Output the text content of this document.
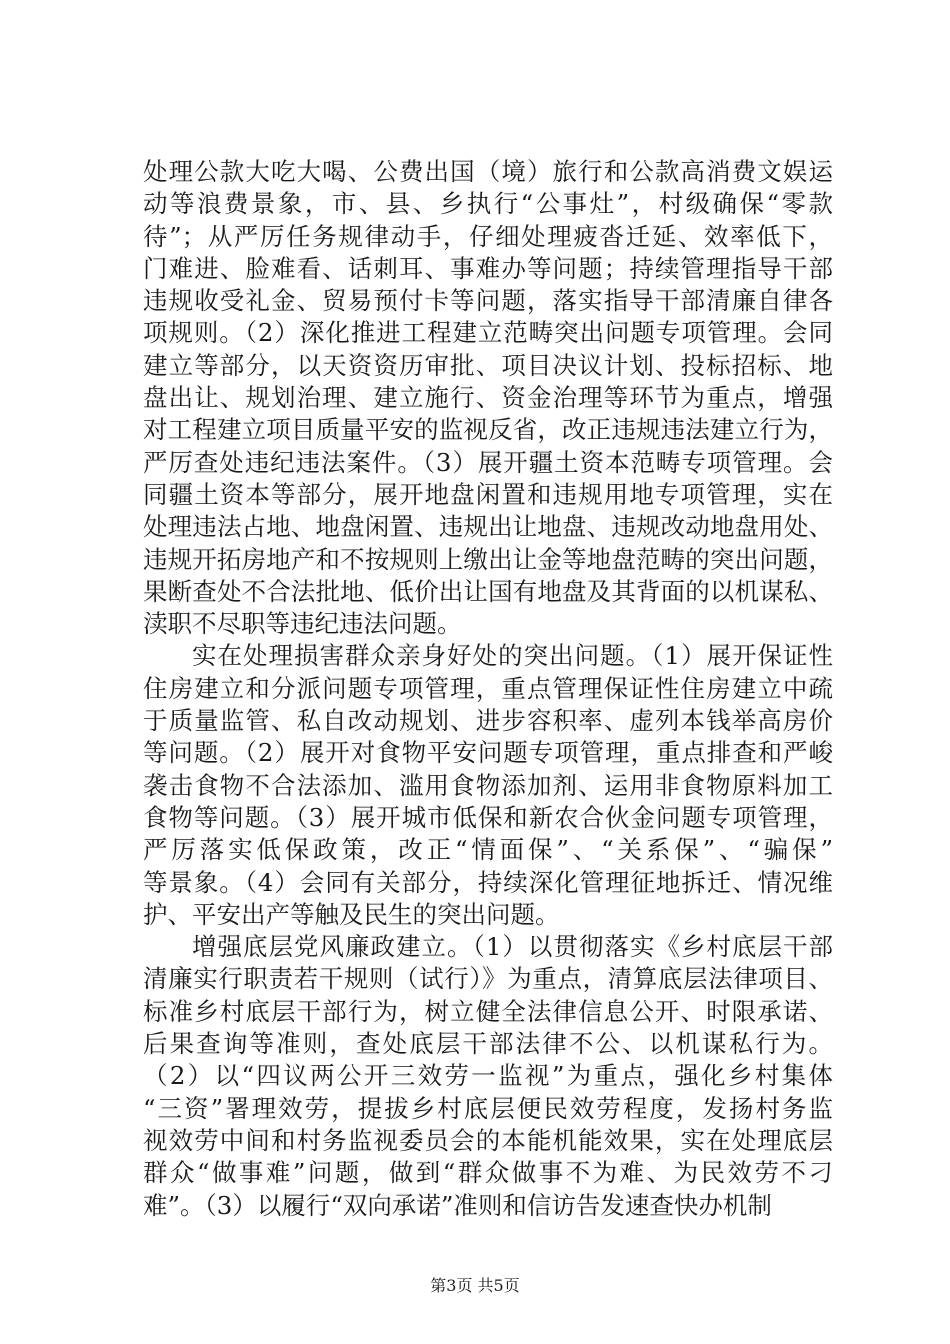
处理公款大吃大喝、公费出国（境）旅行和公款高消费文娱运
动等浪费景象，市、县、乡执行“公事灶”，村级确保“零款
待”；从严厉任务规律动手，仔细处理疲沓迁延、效率低下，
门难进、脸难看、话刺耳、事难办等问题；持续管理指导干部
违规收受礼金、贸易预付卡等问题，落实指导干部清廉自律各
项规则。（2）深化推进工程建立范畴突出问题专项管理。会同
建立等部分，以天资资历审批、项目决议计划、投标招标、地
盘出让、规划治理、建立施行、资金治理等环节为重点，增强
对工程建立项目质量平安的监视反省，改正违规违法建立行为，
严厉查处违纪违法案件。（3）展开疆土资本范畴专项管理。会
同疆土资本等部分，展开地盘闲置和违规用地专项管理，实在
处理违法占地、地盘闲置、违规出让地盘、违规改动地盘用处、
违规开拓房地产和不按规则上缴出让金等地盘范畴的突出问题，
果断查处不合法批地、低价出让国有地盘及其背面的以机谋私、
渎职不尽职等违纪违法问题。
实在处理损害群众亲身好处的突出问题。（1）展开保证性
住房建立和分派问题专项管理，重点管理保证性住房建立中疏
于质量监管、私自改动规划、进步容积率、虚列本钱举高房价
等问题。（2）展开对食物平安问题专项管理，重点排查和严峻
袭击食物不合法添加、滥用食物添加剂、运用非食物原料加工
食物等问题。（3）展开城市低保和新农合伙金问题专项管理，
严厉落实低保政策，改正“情面保”、“关系保”、“骗保”
等景象。（4）会同有关部分，持续深化管理征地拆迁、情况维
护、平安出产等触及民生的突出问题。
增强底层党风廉政建立。（1）以贯彻落实《乡村底层干部
清廉实行职责若干规则（试行）》为重点，清算底层法律项目、
标准乡村底层干部行为，树立健全法律信息公开、时限承诺、
后果查询等准则，查处底层干部法律不公、以机谋私行为。
（2）以“四议两公开三效劳一监视”为重点，强化乡村集体
“三资”署理效劳，提拔乡村底层便民效劳程度，发扬村务监
视效劳中间和村务监视委员会的本能机能效果，实在处理底层
群众“做事难”问题，做到“群众做事不为难、为民效劳不刁
难”。（3）以履行“双向承诺”准则和信访告发速查快办机制
第3页 共5页
